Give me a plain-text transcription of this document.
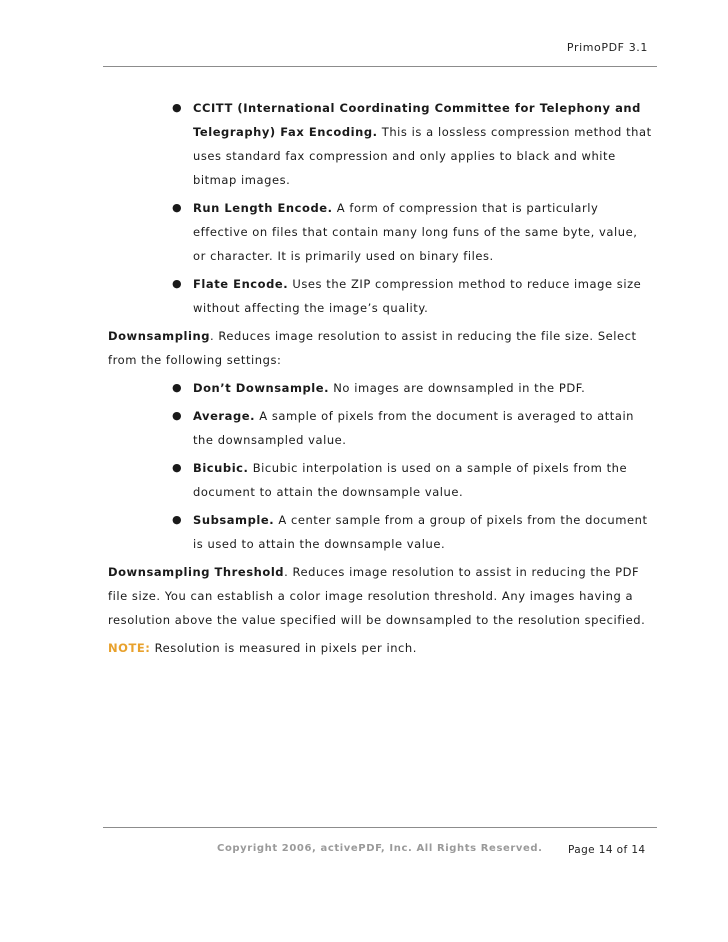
PrimoPDF 3.1
● CCITT (International Coordinating Committee for Telephony and Telegraphy) Fax Encoding. This is a lossless compression method that uses standard fax compression and only applies to black and white bitmap images.
● Run Length Encode. A form of compression that is particularly effective on files that contain many long funs of the same byte, value, or character. It is primarily used on binary files.
● Flate Encode. Uses the ZIP compression method to reduce image size without affecting the image’s quality.

Downsampling. Reduces image resolution to assist in reducing the file size. Select from the following settings:

● Don’t Downsample. No images are downsampled in the PDF.
● Average. A sample of pixels from the document is averaged to attain the downsampled value.
● Bicubic. Bicubic interpolation is used on a sample of pixels from the document to attain the downsample value.
● Subsample. A center sample from a group of pixels from the document is used to attain the downsample value.

Downsampling Threshold. Reduces image resolution to assist in reducing the PDF file size. You can establish a color image resolution threshold. Any images having a resolution above the value specified will be downsampled to the resolution specified.

NOTE: Resolution is measured in pixels per inch.

Copyright 2006, activePDF, Inc. All Rights Reserved. Page 14 of 14
